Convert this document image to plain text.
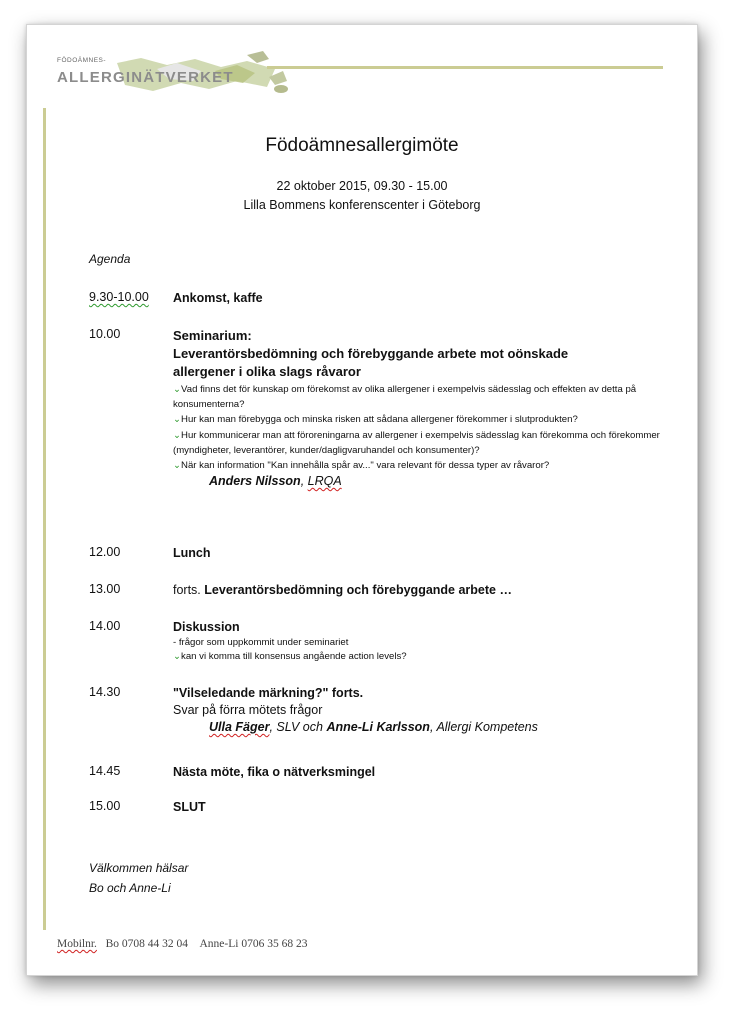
FÖDOÄMNES-
ALLERGINÄTVERKET
Födoämnesallergimöte
22 oktober 2015, 09.30 - 15.00
Lilla Bommens konferenscenter i Göteborg
Agenda
9.30-10.00 Ankomst, kaffe
10.00	Seminarium:
Leverantörsbedömning och förebyggande arbete mot oönskade
allergener i olika slags råvaror
⌄Vad finns det för kunskap om förekomst av olika allergener i exempelvis sädesslag och effekten av detta på konsumenterna?
⌄Hur kan man förebygga och minska risken att sådana allergener förekommer i slutprodukten?
⌄Hur kommunicerar man att föroreningarna av allergener i exempelvis sädesslag kan förekomma och förekommer (myndigheter, leverantörer, kunder/dagligvaruhandel och konsumenter)?
⌄När kan information "Kan innehålla spår av..." vara relevant för dessa typer av råvaror?
Anders Nilsson, LRQA
12.00	Lunch
13.00	forts. Leverantörsbedömning och förebyggande arbete …
14.00	Diskussion
- frågor som uppkommit under seminariet
⌄kan vi komma till konsensus angående action levels?
14.30	"Vilseledande märkning?" forts.
Svar på förra mötets frågor
Ulla Fäger, SLV och Anne-Li Karlsson, Allergi Kompetens
14.45	Nästa möte, fika o nätverksmingel
15.00	SLUT
Välkommen hälsar
Bo och Anne-Li
Mobilnr. Bo 0708 44 32 04 Anne-Li 0706 35 68 23
